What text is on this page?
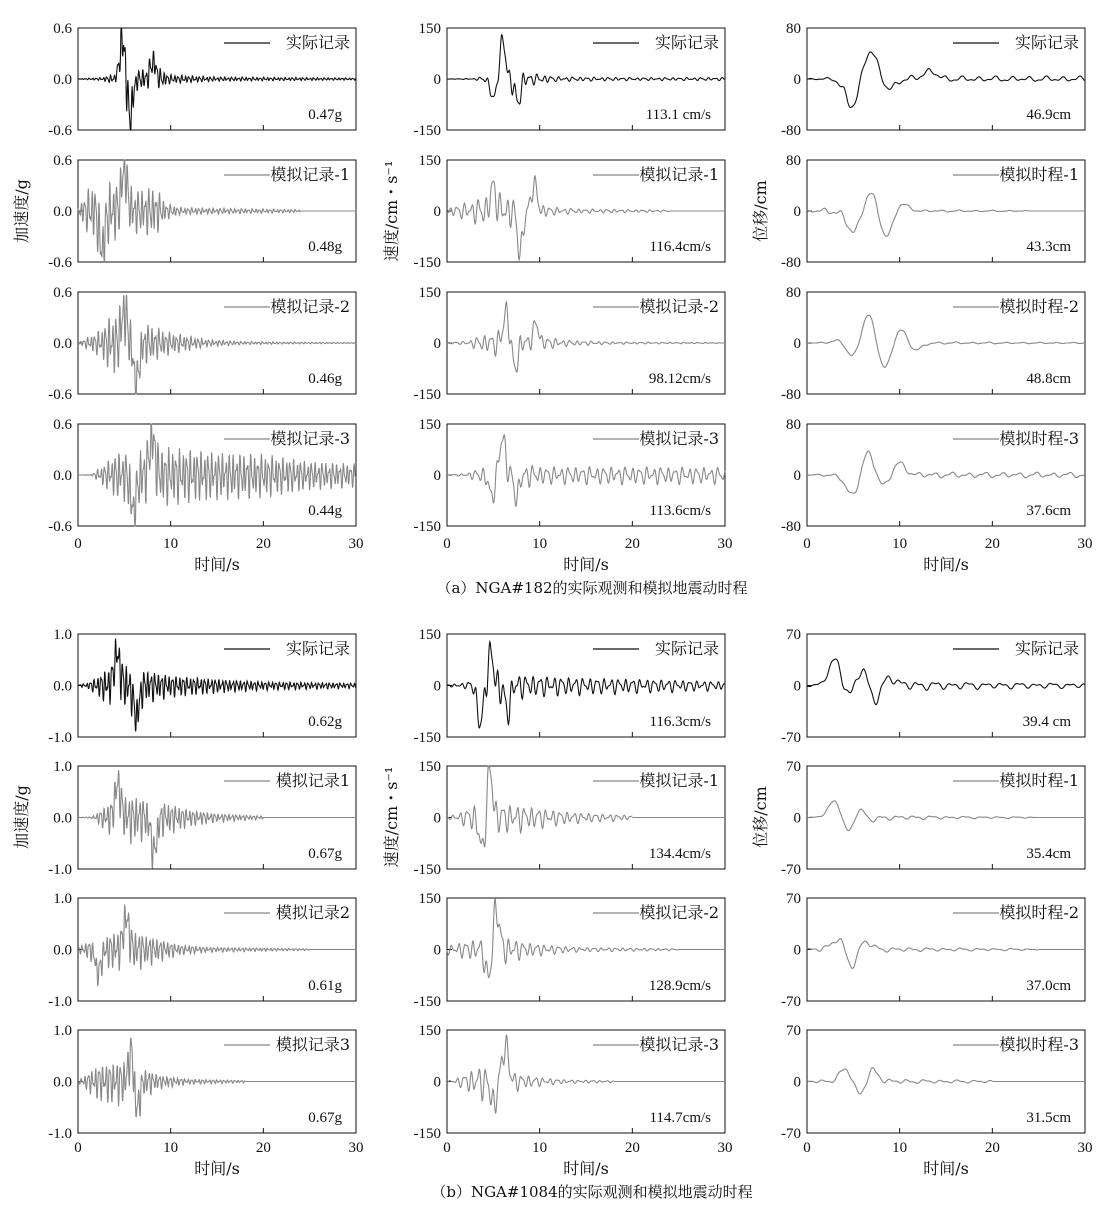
-0.6
0.0
0.6
实际记录
0.47g
-0.6
0.0
0.6
模拟记录-1
0.48g
-0.6
0.0
0.6
模拟记录-2
0.46g
-0.6
0.0
0.6
模拟记录-3
0.44g
0	10	20	30
时间/s
加速度/g
-150
0
150
实际记录
113.1 cm/s
-150
0
150
模拟记录-1
116.4cm/s
-150
0
150
模拟记录-2
98.12cm/s
-150
0
150
模拟记录-3
113.6cm/s
0	10	20	30
时间/s
速度/cm・s⁻¹
-80
0
80
实际记录
46.9cm
-80
0
80
模拟时程-1
43.3cm
-80
0
80
模拟时程-2
48.8cm
-80
0
80
模拟时程-3
37.6cm
0	10	20	30
时间/s
位移/cm
（a）NGA#182的实际观测和模拟地震动时程
-1.0
0.0
1.0
实际记录
0.62g
-1.0
0.0
1.0
模拟记录1
0.67g
-1.0
0.0
1.0
模拟记录2
0.61g
-1.0
0.0
1.0
模拟记录3
0.67g
0	10	20	30
时间/s
加速度/g
-150
0
150
实际记录
116.3cm/s
-150
0
150
模拟记录-1
134.4cm/s
-150
0
150
模拟记录-2
128.9cm/s
-150
0
150
模拟记录-3
114.7cm/s
0	10	20	30
时间/s
速度/cm・s⁻¹
-70
0
70
实际记录
39.4 cm
-70
0
70
模拟时程-1
35.4cm
-70
0
70
模拟时程-2
37.0cm
-70
0
70
模拟时程-3
31.5cm
0	10	20	30
时间/s
位移/cm
（b）NGA#1084的实际观测和模拟地震动时程
